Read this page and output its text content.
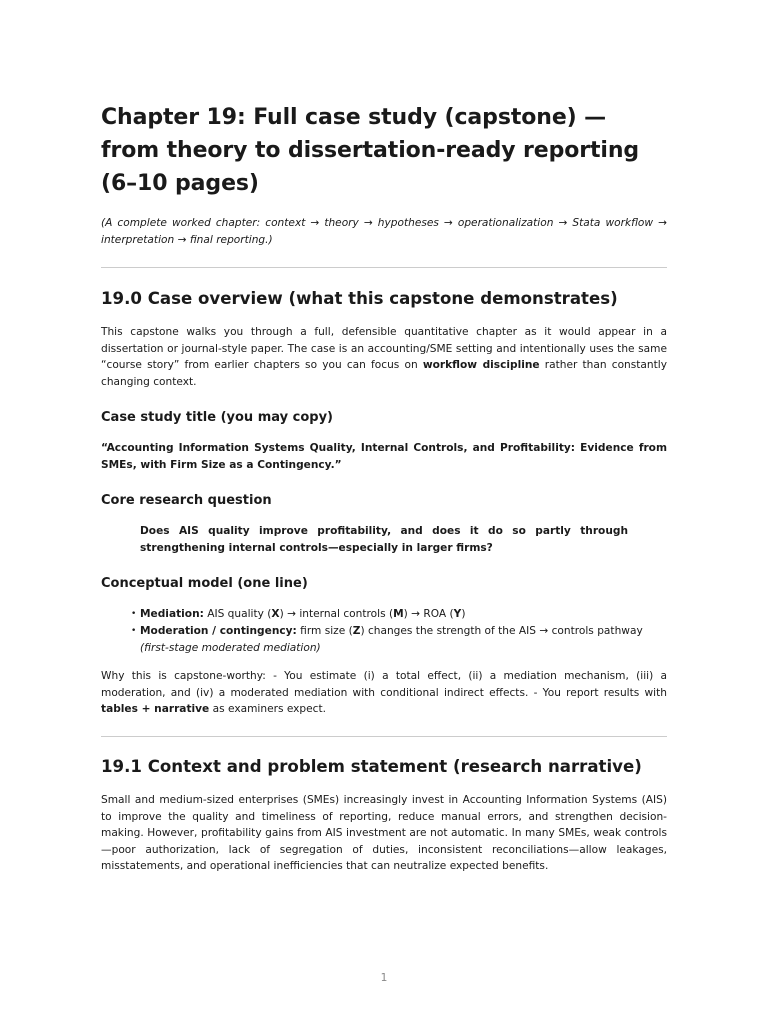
Chapter 19: Full case study (capstone) — from theory to dissertation-ready reporting (6–10 pages)

(A complete worked chapter: context → theory → hypotheses → operationalization → Stata workflow → interpretation → final reporting.)

19.0 Case overview (what this capstone demonstrates)

This capstone walks you through a full, defensible quantitative chapter as it would appear in a dissertation or journal-style paper. The case is an accounting/SME setting and intentionally uses the same “course story” from earlier chapters so you can focus on workflow discipline rather than constantly changing context.

Case study title (you may copy)

“Accounting Information Systems Quality, Internal Controls, and Profitability: Evidence from SMEs, with Firm Size as a Contingency.”

Core research question

Does AIS quality improve profitability, and does it do so partly through strengthening internal controls—especially in larger firms?

Conceptual model (one line)
• Mediation: AIS quality (X) → internal controls (M) → ROA (Y)
• Moderation / contingency: firm size (Z) changes the strength of the AIS → controls pathway
(first-stage moderated mediation)

Why this is capstone-worthy: - You estimate (i) a total effect, (ii) a mediation mechanism, (iii) a moderation, and (iv) a moderated mediation with conditional indirect effects. - You report results with tables + narrative as examiners expect.

19.1 Context and problem statement (research narrative)

Small and medium-sized enterprises (SMEs) increasingly invest in Accounting Information Systems (AIS) to improve the quality and timeliness of reporting, reduce manual errors, and strengthen decision-making. However, profitability gains from AIS investment are not automatic. In many SMEs, weak controls—poor authorization, lack of segregation of duties, inconsistent reconciliations—allow leakages, misstatements, and operational inefficiencies that can neutralize expected benefits.

1
